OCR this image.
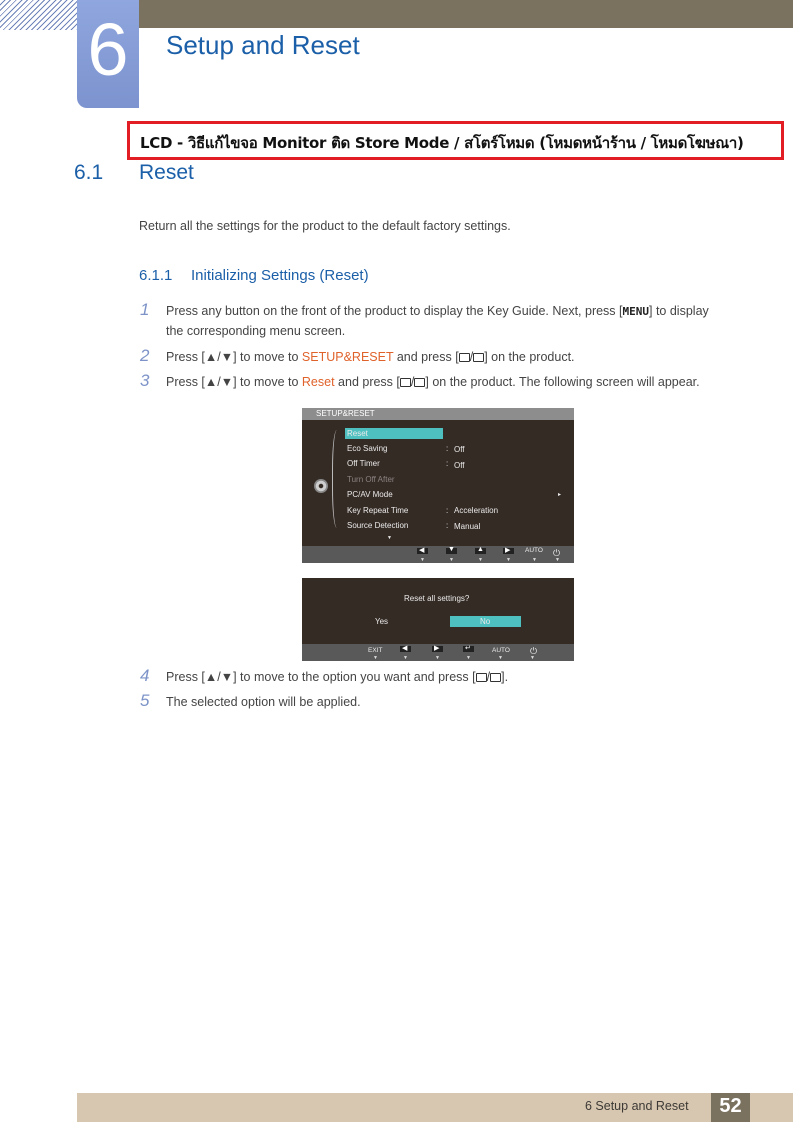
6	Setup and Reset
LCD - วิธีแก้ไขจอ Monitor ติด Store Mode / สโตร์โหมด (โหมดหน้าร้าน / โหมดโฆษณา)
6.1 Reset
Return all the settings for the product to the default factory settings.
6.1.1 Initializing Settings (Reset)
1 Press any button on the front of the product to display the Key Guide. Next, press [MENU] to display
the corresponding menu screen.
2 Press [▲/▼] to move to SETUP&RESET and press [ / ] on the product.
3 Press [▲/▼] to move to Reset and press [ / ] on the product. The following screen will appear.
SETUP&RESET
◀	▼	▲	▶ AUTO ⏻
▼	▼	▼	▼	▼	▼
Reset
Eco Saving	: Off
Off Timer	: Off
Turn Off After
PC/AV Mode	▸
Key Repeat Time	: Acceleration
Source Detection	: Manual
▼
◀	▶	↵	⏻
▼	▼	▼	▼	▼	▼
Reset all settings?
Yes	No
EXIT	AUTO
4 Press [▲/▼] to move to the option you want and press [ / ].
5 The selected option will be applied.
6 Setup and Reset	52
